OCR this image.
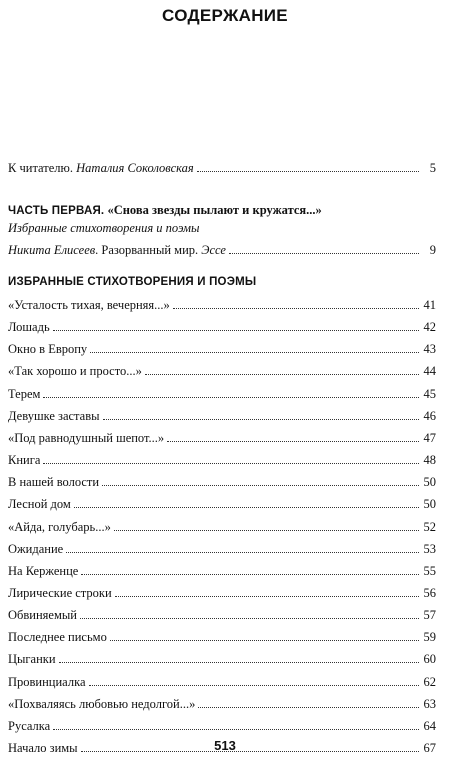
СОДЕРЖАНИЕ
К читателю. Наталия Соколовская	5
ЧАСТЬ ПЕРВАЯ. «Снова звезды пылают и кружатся...»
Избранные стихотворения и поэмы
Никита Елисеев. Разорванный мир. Эссе	9
ИЗБРАННЫЕ СТИХОТВОРЕНИЯ И ПОЭМЫ
«Усталость тихая, вечерняя...»	41
Лошадь	42
Окно в Европу	43
«Так хорошо и просто...»	44
Терем	45
Девушке заставы	46
«Под равнодушный шепот...»	47
Книга	48
В нашей волости	50
Лесной дом	50
«Айда, голубарь...»	52
Ожидание	53
На Керженце	55
Лирические строки	56
Обвиняемый	57
Последнее письмо	59
Цыганки	60
Провинциалка	62
«Похваляясь любовью недолгой...»	63
Русалка	64
Начало зимы	67
513
